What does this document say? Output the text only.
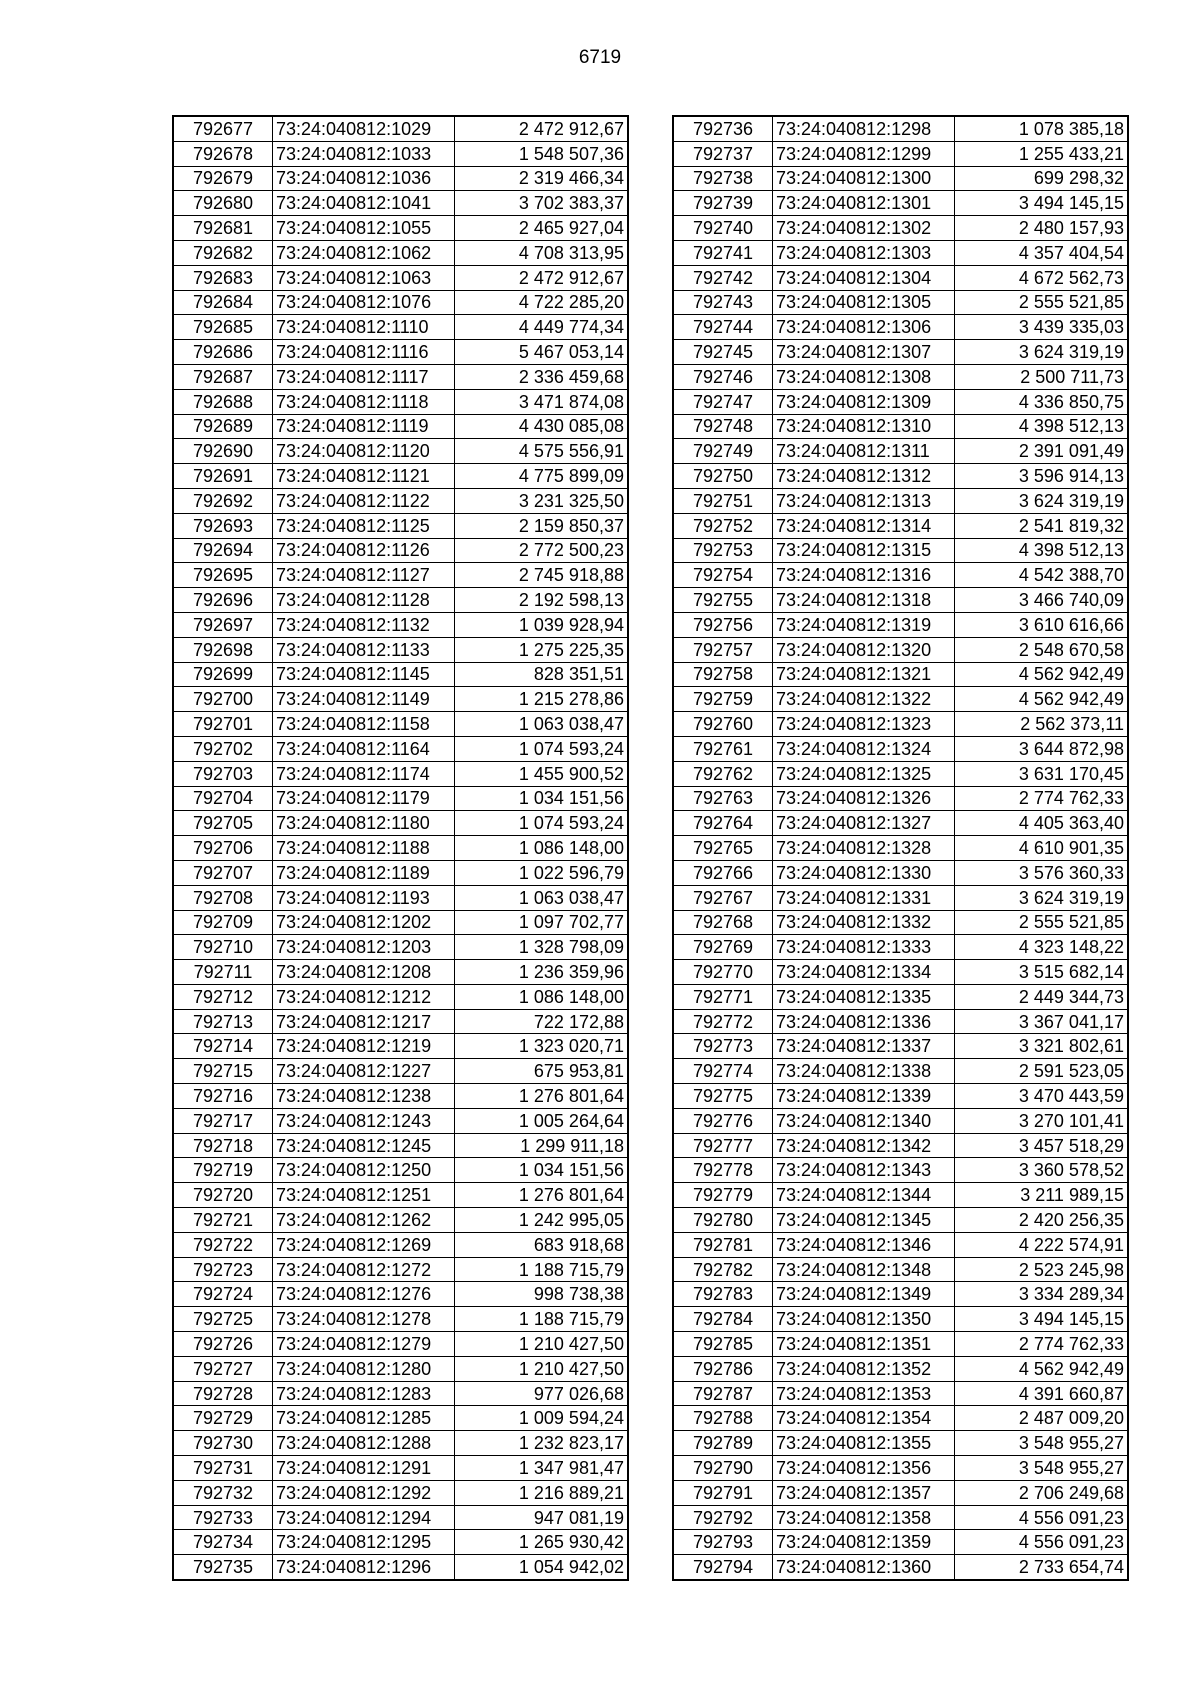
6719
792677	73:24:040812:1029	2 472 912,67
792678	73:24:040812:1033	1 548 507,36
792679	73:24:040812:1036	2 319 466,34
792680	73:24:040812:1041	3 702 383,37
792681	73:24:040812:1055	2 465 927,04
792682	73:24:040812:1062	4 708 313,95
792683	73:24:040812:1063	2 472 912,67
792684	73:24:040812:1076	4 722 285,20
792685	73:24:040812:1110	4 449 774,34
792686	73:24:040812:1116	5 467 053,14
792687	73:24:040812:1117	2 336 459,68
792688	73:24:040812:1118	3 471 874,08
792689	73:24:040812:1119	4 430 085,08
792690	73:24:040812:1120	4 575 556,91
792691	73:24:040812:1121	4 775 899,09
792692	73:24:040812:1122	3 231 325,50
792693	73:24:040812:1125	2 159 850,37
792694	73:24:040812:1126	2 772 500,23
792695	73:24:040812:1127	2 745 918,88
792696	73:24:040812:1128	2 192 598,13
792697	73:24:040812:1132	1 039 928,94
792698	73:24:040812:1133	1 275 225,35
792699	73:24:040812:1145	828 351,51
792700	73:24:040812:1149	1 215 278,86
792701	73:24:040812:1158	1 063 038,47
792702	73:24:040812:1164	1 074 593,24
792703	73:24:040812:1174	1 455 900,52
792704	73:24:040812:1179	1 034 151,56
792705	73:24:040812:1180	1 074 593,24
792706	73:24:040812:1188	1 086 148,00
792707	73:24:040812:1189	1 022 596,79
792708	73:24:040812:1193	1 063 038,47
792709	73:24:040812:1202	1 097 702,77
792710	73:24:040812:1203	1 328 798,09
792711	73:24:040812:1208	1 236 359,96
792712	73:24:040812:1212	1 086 148,00
792713	73:24:040812:1217	722 172,88
792714	73:24:040812:1219	1 323 020,71
792715	73:24:040812:1227	675 953,81
792716	73:24:040812:1238	1 276 801,64
792717	73:24:040812:1243	1 005 264,64
792718	73:24:040812:1245	1 299 911,18
792719	73:24:040812:1250	1 034 151,56
792720	73:24:040812:1251	1 276 801,64
792721	73:24:040812:1262	1 242 995,05
792722	73:24:040812:1269	683 918,68
792723	73:24:040812:1272	1 188 715,79
792724	73:24:040812:1276	998 738,38
792725	73:24:040812:1278	1 188 715,79
792726	73:24:040812:1279	1 210 427,50
792727	73:24:040812:1280	1 210 427,50
792728	73:24:040812:1283	977 026,68
792729	73:24:040812:1285	1 009 594,24
792730	73:24:040812:1288	1 232 823,17
792731	73:24:040812:1291	1 347 981,47
792732	73:24:040812:1292	1 216 889,21
792733	73:24:040812:1294	947 081,19
792734	73:24:040812:1295	1 265 930,42
792735	73:24:040812:1296	1 054 942,02
792736	73:24:040812:1298	1 078 385,18
792737	73:24:040812:1299	1 255 433,21
792738	73:24:040812:1300	699 298,32
792739	73:24:040812:1301	3 494 145,15
792740	73:24:040812:1302	2 480 157,93
792741	73:24:040812:1303	4 357 404,54
792742	73:24:040812:1304	4 672 562,73
792743	73:24:040812:1305	2 555 521,85
792744	73:24:040812:1306	3 439 335,03
792745	73:24:040812:1307	3 624 319,19
792746	73:24:040812:1308	2 500 711,73
792747	73:24:040812:1309	4 336 850,75
792748	73:24:040812:1310	4 398 512,13
792749	73:24:040812:1311	2 391 091,49
792750	73:24:040812:1312	3 596 914,13
792751	73:24:040812:1313	3 624 319,19
792752	73:24:040812:1314	2 541 819,32
792753	73:24:040812:1315	4 398 512,13
792754	73:24:040812:1316	4 542 388,70
792755	73:24:040812:1318	3 466 740,09
792756	73:24:040812:1319	3 610 616,66
792757	73:24:040812:1320	2 548 670,58
792758	73:24:040812:1321	4 562 942,49
792759	73:24:040812:1322	4 562 942,49
792760	73:24:040812:1323	2 562 373,11
792761	73:24:040812:1324	3 644 872,98
792762	73:24:040812:1325	3 631 170,45
792763	73:24:040812:1326	2 774 762,33
792764	73:24:040812:1327	4 405 363,40
792765	73:24:040812:1328	4 610 901,35
792766	73:24:040812:1330	3 576 360,33
792767	73:24:040812:1331	3 624 319,19
792768	73:24:040812:1332	2 555 521,85
792769	73:24:040812:1333	4 323 148,22
792770	73:24:040812:1334	3 515 682,14
792771	73:24:040812:1335	2 449 344,73
792772	73:24:040812:1336	3 367 041,17
792773	73:24:040812:1337	3 321 802,61
792774	73:24:040812:1338	2 591 523,05
792775	73:24:040812:1339	3 470 443,59
792776	73:24:040812:1340	3 270 101,41
792777	73:24:040812:1342	3 457 518,29
792778	73:24:040812:1343	3 360 578,52
792779	73:24:040812:1344	3 211 989,15
792780	73:24:040812:1345	2 420 256,35
792781	73:24:040812:1346	4 222 574,91
792782	73:24:040812:1348	2 523 245,98
792783	73:24:040812:1349	3 334 289,34
792784	73:24:040812:1350	3 494 145,15
792785	73:24:040812:1351	2 774 762,33
792786	73:24:040812:1352	4 562 942,49
792787	73:24:040812:1353	4 391 660,87
792788	73:24:040812:1354	2 487 009,20
792789	73:24:040812:1355	3 548 955,27
792790	73:24:040812:1356	3 548 955,27
792791	73:24:040812:1357	2 706 249,68
792792	73:24:040812:1358	4 556 091,23
792793	73:24:040812:1359	4 556 091,23
792794	73:24:040812:1360	2 733 654,74
